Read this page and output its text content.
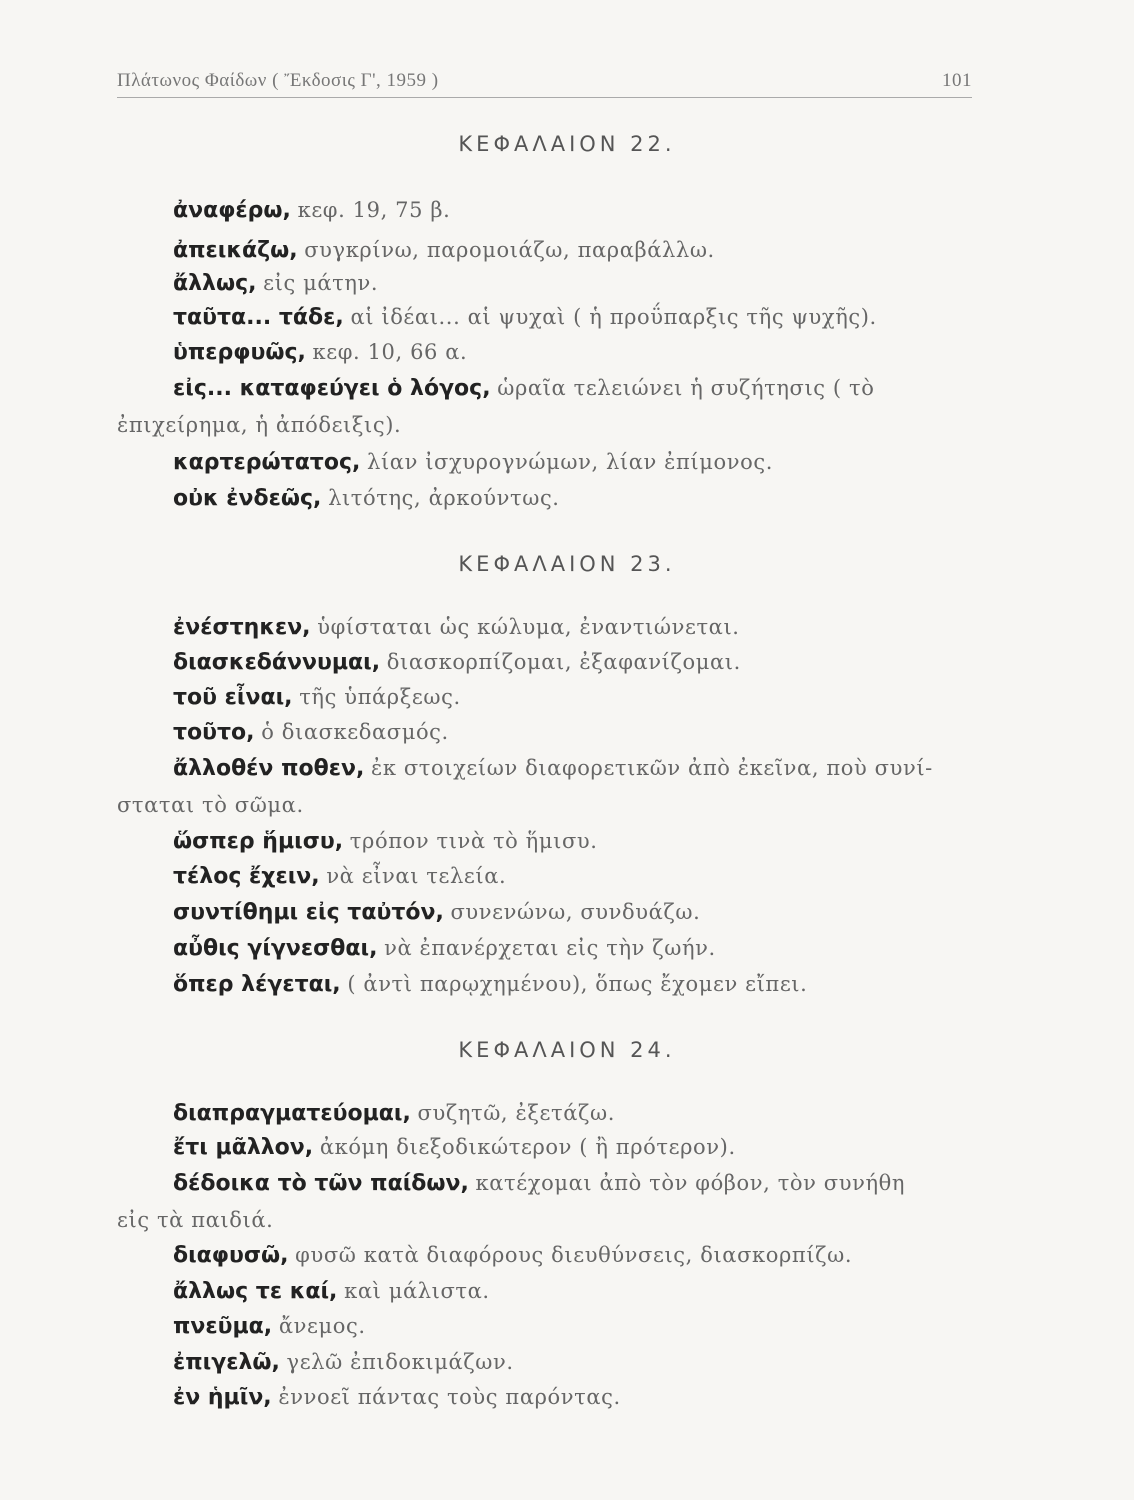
Πλάτωνος Φαίδων ( Ἔκδοσις Γ', 1959 )	101
ΚΕΦΑΛΑΙΟΝ 22.
ἀναφέρω, κεφ. 19, 75 β.
ἀπεικάζω, συγκρίνω, παρομοιάζω, παραβάλλω.
ἄλλως, εἰς μάτην.
ταῦτα... τάδε, αἱ ἰδέαι... αἱ ψυχαὶ ( ἡ προΰπαρξις τῆς ψυχῆς).
ὑπερφυῶς, κεφ. 10, 66 α.
εἰς... καταφεύγει ὁ λόγος, ὡραῖα τελειώνει ἡ συζήτησις ( τὸ
ἐπιχείρημα, ἡ ἀπόδειξις).
καρτερώτατος, λίαν ἰσχυρογνώμων, λίαν ἐπίμονος.
οὐκ ἐνδεῶς, λιτότης, ἀρκούντως.
ΚΕΦΑΛΑΙΟΝ 23.
ἐνέστηκεν, ὑφίσταται ὡς κώλυμα, ἐναντιώνεται.
διασκεδάννυμαι, διασκορπίζομαι, ἐξαφανίζομαι.
τοῦ εἶναι, τῆς ὑπάρξεως.
τοῦτο, ὁ διασκεδασμός.
ἄλλοθέν ποθεν, ἐκ στοιχείων διαφορετικῶν ἀπὸ ἐκεῖνα, ποὺ συνί-
σταται τὸ σῶμα.
ὥσπερ ἥμισυ, τρόπον τινὰ τὸ ἥμισυ.
τέλος ἔχειν, νὰ εἶναι τελεία.
συντίθημι εἰς ταὐτόν, συνενώνω, συνδυάζω.
αὖθις γίγνεσθαι, νὰ ἐπανέρχεται εἰς τὴν ζωήν.
ὅπερ λέγεται, ( ἀντὶ παρῳχημένου), ὅπως ἔχομεν εἴπει.
ΚΕΦΑΛΑΙΟΝ 24.
διαπραγματεύομαι, συζητῶ, ἐξετάζω.
ἔτι μᾶλλον, ἀκόμη διεξοδικώτερον ( ἢ πρότερον).
δέδοικα τὸ τῶν παίδων, κατέχομαι ἀπὸ τὸν φόβον, τὸν συνήθη
εἰς τὰ παιδιά.
διαφυσῶ, φυσῶ κατὰ διαφόρους διευθύνσεις, διασκορπίζω.
ἄλλως τε καί, καὶ μάλιστα.
πνεῦμα, ἄνεμος.
ἐπιγελῶ, γελῶ ἐπιδοκιμάζων.
ἐν ἡμῖν, ἐννοεῖ πάντας τοὺς παρόντας.
